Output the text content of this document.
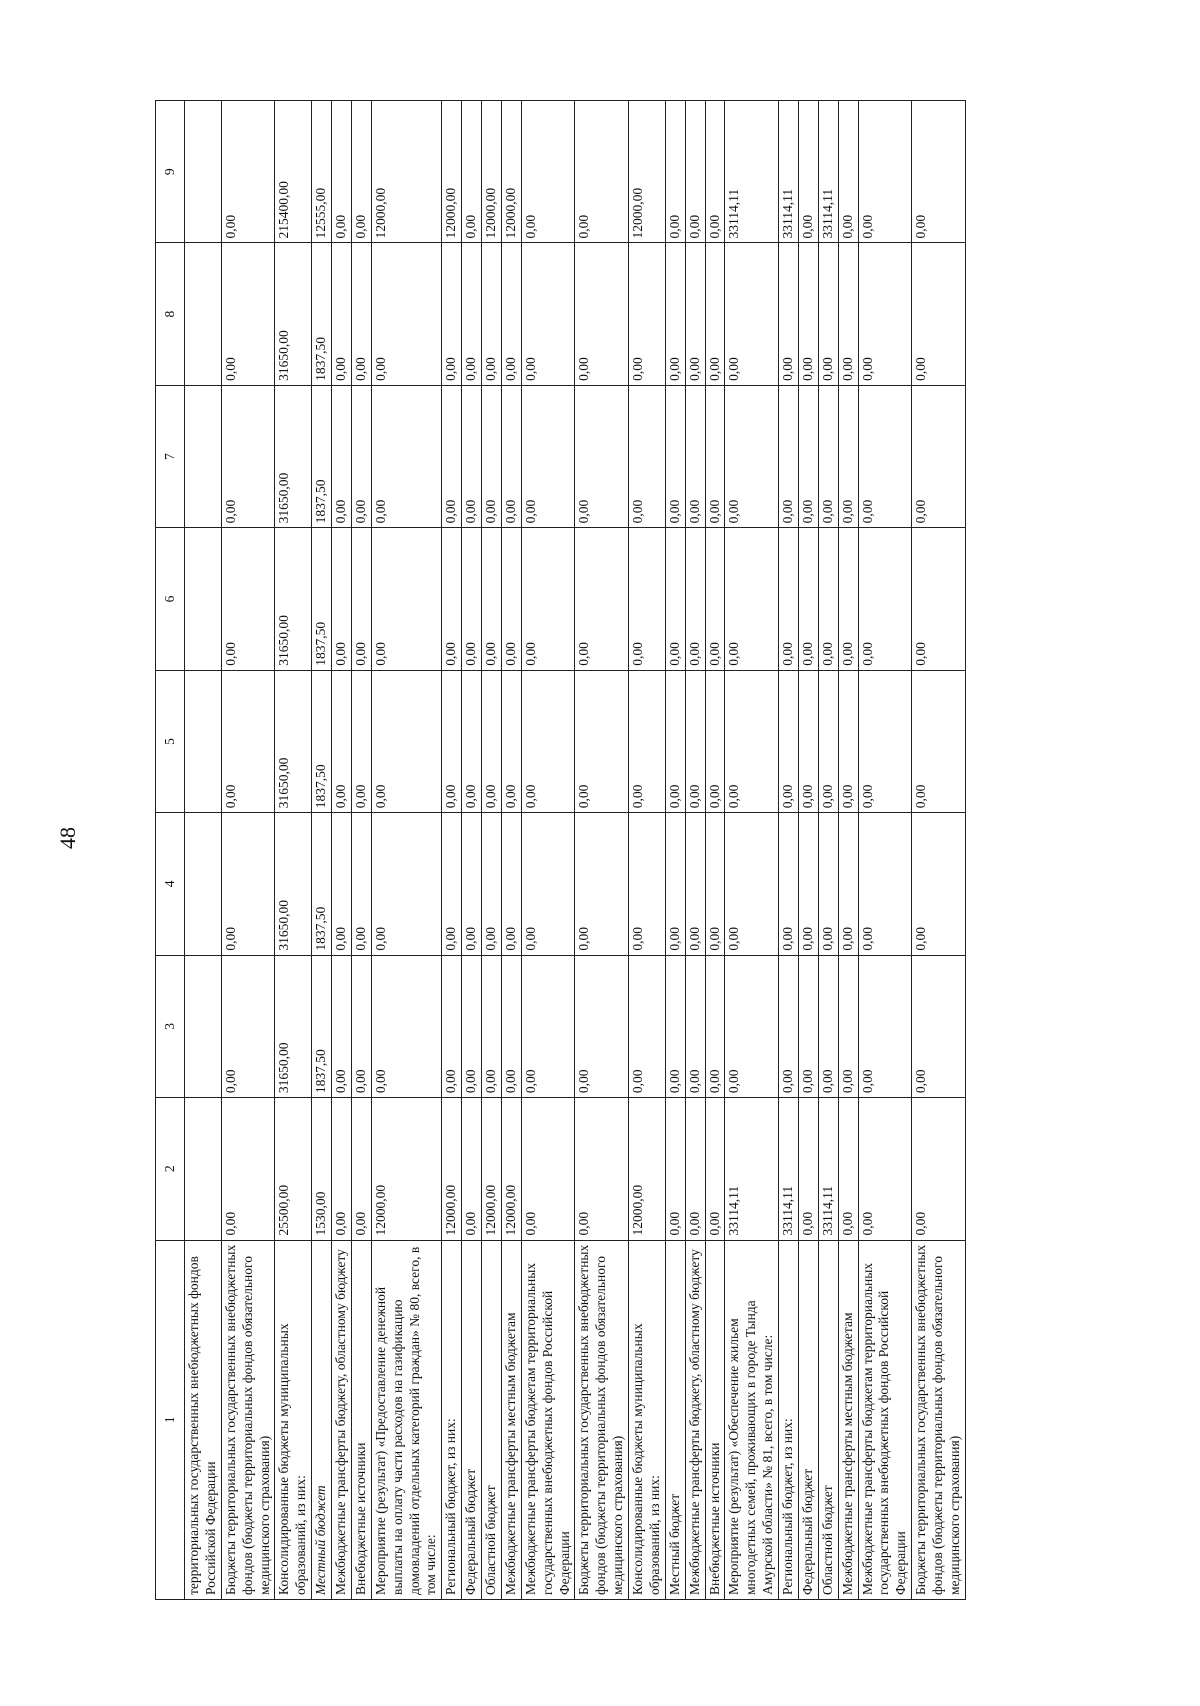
48
1	2	3	4	5	6	7	8	9
территориальных государственных внебюджетных фондов Российской Федерации								
Бюджеты территориальных государственных внебюджетных фондов (бюджеты территориальных фондов обязательного медицинского страхования)	0,00	0,00	0,00	0,00	0,00	0,00	0,00	0,00
Консолидированные бюджеты муниципальных образований, из них:	25500,00	31650,00	31650,00	31650,00	31650,00	31650,00	31650,00	215400,00
Местный бюджет	1530,00	1837,50	1837,50	1837,50	1837,50	1837,50	1837,50	12555,00
Межбюджетные трансферты бюджету, областному бюджету	0,00	0,00	0,00	0,00	0,00	0,00	0,00	0,00
Внебюджетные источники	0,00	0,00	0,00	0,00	0,00	0,00	0,00	0,00
Мероприятие (результат) «Предоставление денежной выплаты на оплату части расходов на газификацию домовладений отдельных категорий граждан» № 80, всего, в том числе:	12000,00	0,00	0,00	0,00	0,00	0,00	0,00	12000,00
Региональный бюджет, из них:	12000,00	0,00	0,00	0,00	0,00	0,00	0,00	12000,00
Федеральный бюджет	0,00	0,00	0,00	0,00	0,00	0,00	0,00	0,00
Областной бюджет	12000,00	0,00	0,00	0,00	0,00	0,00	0,00	12000,00
Межбюджетные трансферты местным бюджетам	12000,00	0,00	0,00	0,00	0,00	0,00	0,00	12000,00
Межбюджетные трансферты бюджетам территориальных государственных внебюджетных фондов Российской Федерации	0,00	0,00	0,00	0,00	0,00	0,00	0,00	0,00
Бюджеты территориальных государственных внебюджетных фондов (бюджеты территориальных фондов обязательного медицинского страхования)	0,00	0,00	0,00	0,00	0,00	0,00	0,00	0,00
Консолидированные бюджеты муниципальных образований, из них:	12000,00	0,00	0,00	0,00	0,00	0,00	0,00	12000,00
Местный бюджет	0,00	0,00	0,00	0,00	0,00	0,00	0,00	0,00
Межбюджетные трансферты бюджету, областному бюджету	0,00	0,00	0,00	0,00	0,00	0,00	0,00	0,00
Внебюджетные источники	0,00	0,00	0,00	0,00	0,00	0,00	0,00	0,00
Мероприятие (результат) «Обеспечение жильем многодетных семей, проживающих в городе Тында Амурской области» № 81, всего, в том числе:	33114,11	0,00	0,00	0,00	0,00	0,00	0,00	33114,11
Региональный бюджет, из них:	33114,11	0,00	0,00	0,00	0,00	0,00	0,00	33114,11
Федеральный бюджет	0,00	0,00	0,00	0,00	0,00	0,00	0,00	0,00
Областной бюджет	33114,11	0,00	0,00	0,00	0,00	0,00	0,00	33114,11
Межбюджетные трансферты местным бюджетам	0,00	0,00	0,00	0,00	0,00	0,00	0,00	0,00
Межбюджетные трансферты бюджетам территориальных государственных внебюджетных фондов Российской Федерации	0,00	0,00	0,00	0,00	0,00	0,00	0,00	0,00
Бюджеты территориальных государственных внебюджетных фондов (бюджеты территориальных фондов обязательного медицинского страхования)	0,00	0,00	0,00	0,00	0,00	0,00	0,00	0,00
